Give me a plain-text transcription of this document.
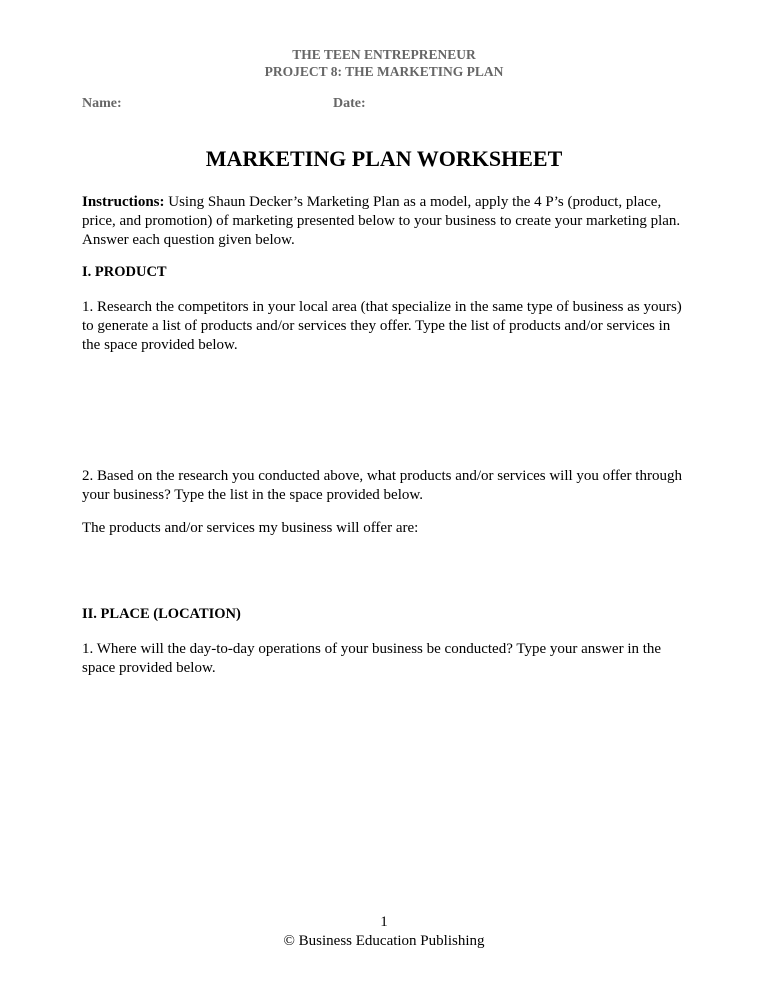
THE TEEN ENTREPRENEUR
PROJECT 8: THE MARKETING PLAN
Name:	Date:
MARKETING PLAN WORKSHEET
Instructions: Using Shaun Decker’s Marketing Plan as a model, apply the 4 P’s (product, place, price, and promotion) of marketing presented below to your business to create your marketing plan. Answer each question given below.
I. PRODUCT
1. Research the competitors in your local area (that specialize in the same type of business as yours) to generate a list of products and/or services they offer. Type the list of products and/or services in the space provided below.
2. Based on the research you conducted above, what products and/or services will you offer through your business? Type the list in the space provided below.
The products and/or services my business will offer are:
II. PLACE (LOCATION)
1. Where will the day-to-day operations of your business be conducted? Type your answer in the space provided below.
1
© Business Education Publishing
